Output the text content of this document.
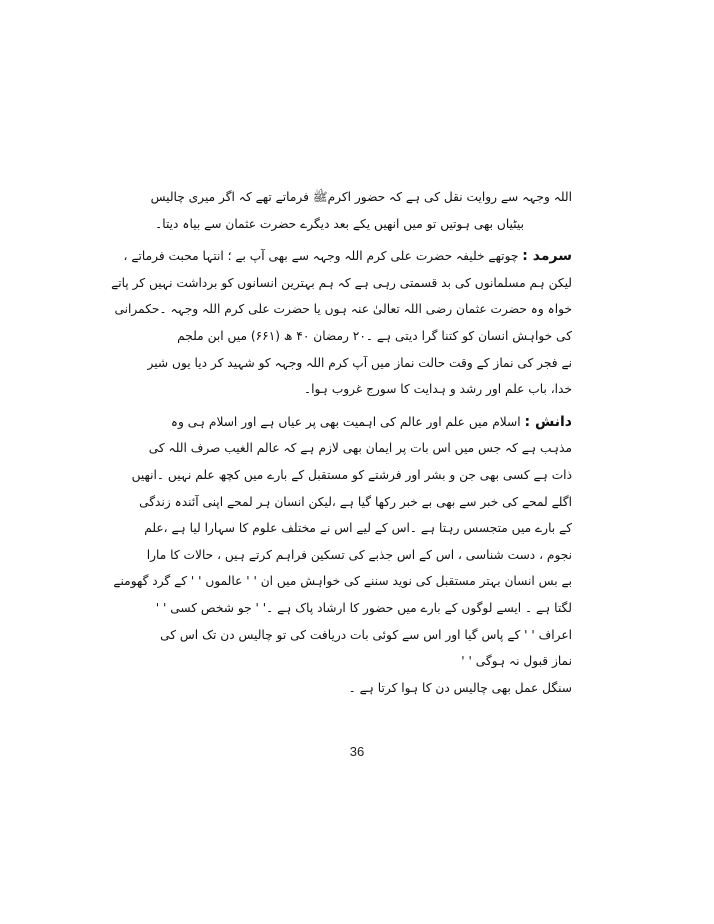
اللہ وجہہ سے روایت نقل کی ہے کہ حضور اکرمﷺ فرماتے تھے کہ اگر میری چالیس
بیٹیاں بھی ہوتیں تو میں انھیں یکے بعد دیگرے حضرت عثمان سے بیاہ دیتا۔
سرمد : چوتھے خلیفہ حضرت علی کرم اللہ وجہہ سے بھی آپ بے ؛ انتہا محبت فرماتے ،
لیکن ہم مسلمانوں کی بد قسمتی رہی ہے کہ ہم بہترین انسانوں کو برداشت نہیں کر پاتے
خواہ وہ حضرت عثمان رضی اللہ تعالیٰ عنہ ہوں یا حضرت علی کرم اللہ وجہہ ۔حکمرانی
کی خواہش انسان کو کتنا گرا دیتی ہے ۔۲۰ رمضان ۴۰ ھ (۶۶۱) میں ابن ملجم
نے فجر کی نماز کے وقت حالت نماز میں آپ کرم اللہ وجہہ کو شہید کر دیا یوں شیر
خدا، باب علم اور رشد و ہدایت کا سورج غروب ہوا۔
دانش : اسلام میں علم اور عالم کی اہمیت بھی پر عیاں ہے اور اسلام ہی وہ
مذہب ہے کہ جس میں اس بات پر ایمان بھی لازم ہے کہ عالم الغیب صرف اللہ کی
ذات ہے کسی بھی جن و بشر اور فرشتے کو مستقبل کے بارے میں کچھ علم نہیں ۔انھیں
اگلے لمحے کی خبر سے بھی بے خبر رکھا گیا ہے ،لیکن انسان ہر لمحے اپنی آئندہ زندگی
کے بارے میں متجسس رہتا ہے ۔اس کے لیے اس نے مختلف علوم کا سہارا لیا ہے ،علم
نجوم ، دست شناسی ، اس کے اس جذبے کی تسکین فراہم کرتے ہیں ، حالات کا مارا
بے بس انسان بہتر مستقبل کی نوید سننے کی خواہش میں ان ' ' عالموں ' ' کے گرد گھومنے
لگتا ہے ۔ ایسے لوگوں کے بارے میں حضور کا ارشاد پاک ہے ۔' ' جو شخص کسی ' '
اعراف ' ' کے پاس گیا اور اس سے کوئی بات دریافت کی تو چالیس دن تک اس کی
نماز قبول نہ ہوگی ' '
سنگل عمل بھی چالیس دن کا ہوا کرتا ہے ۔
36
